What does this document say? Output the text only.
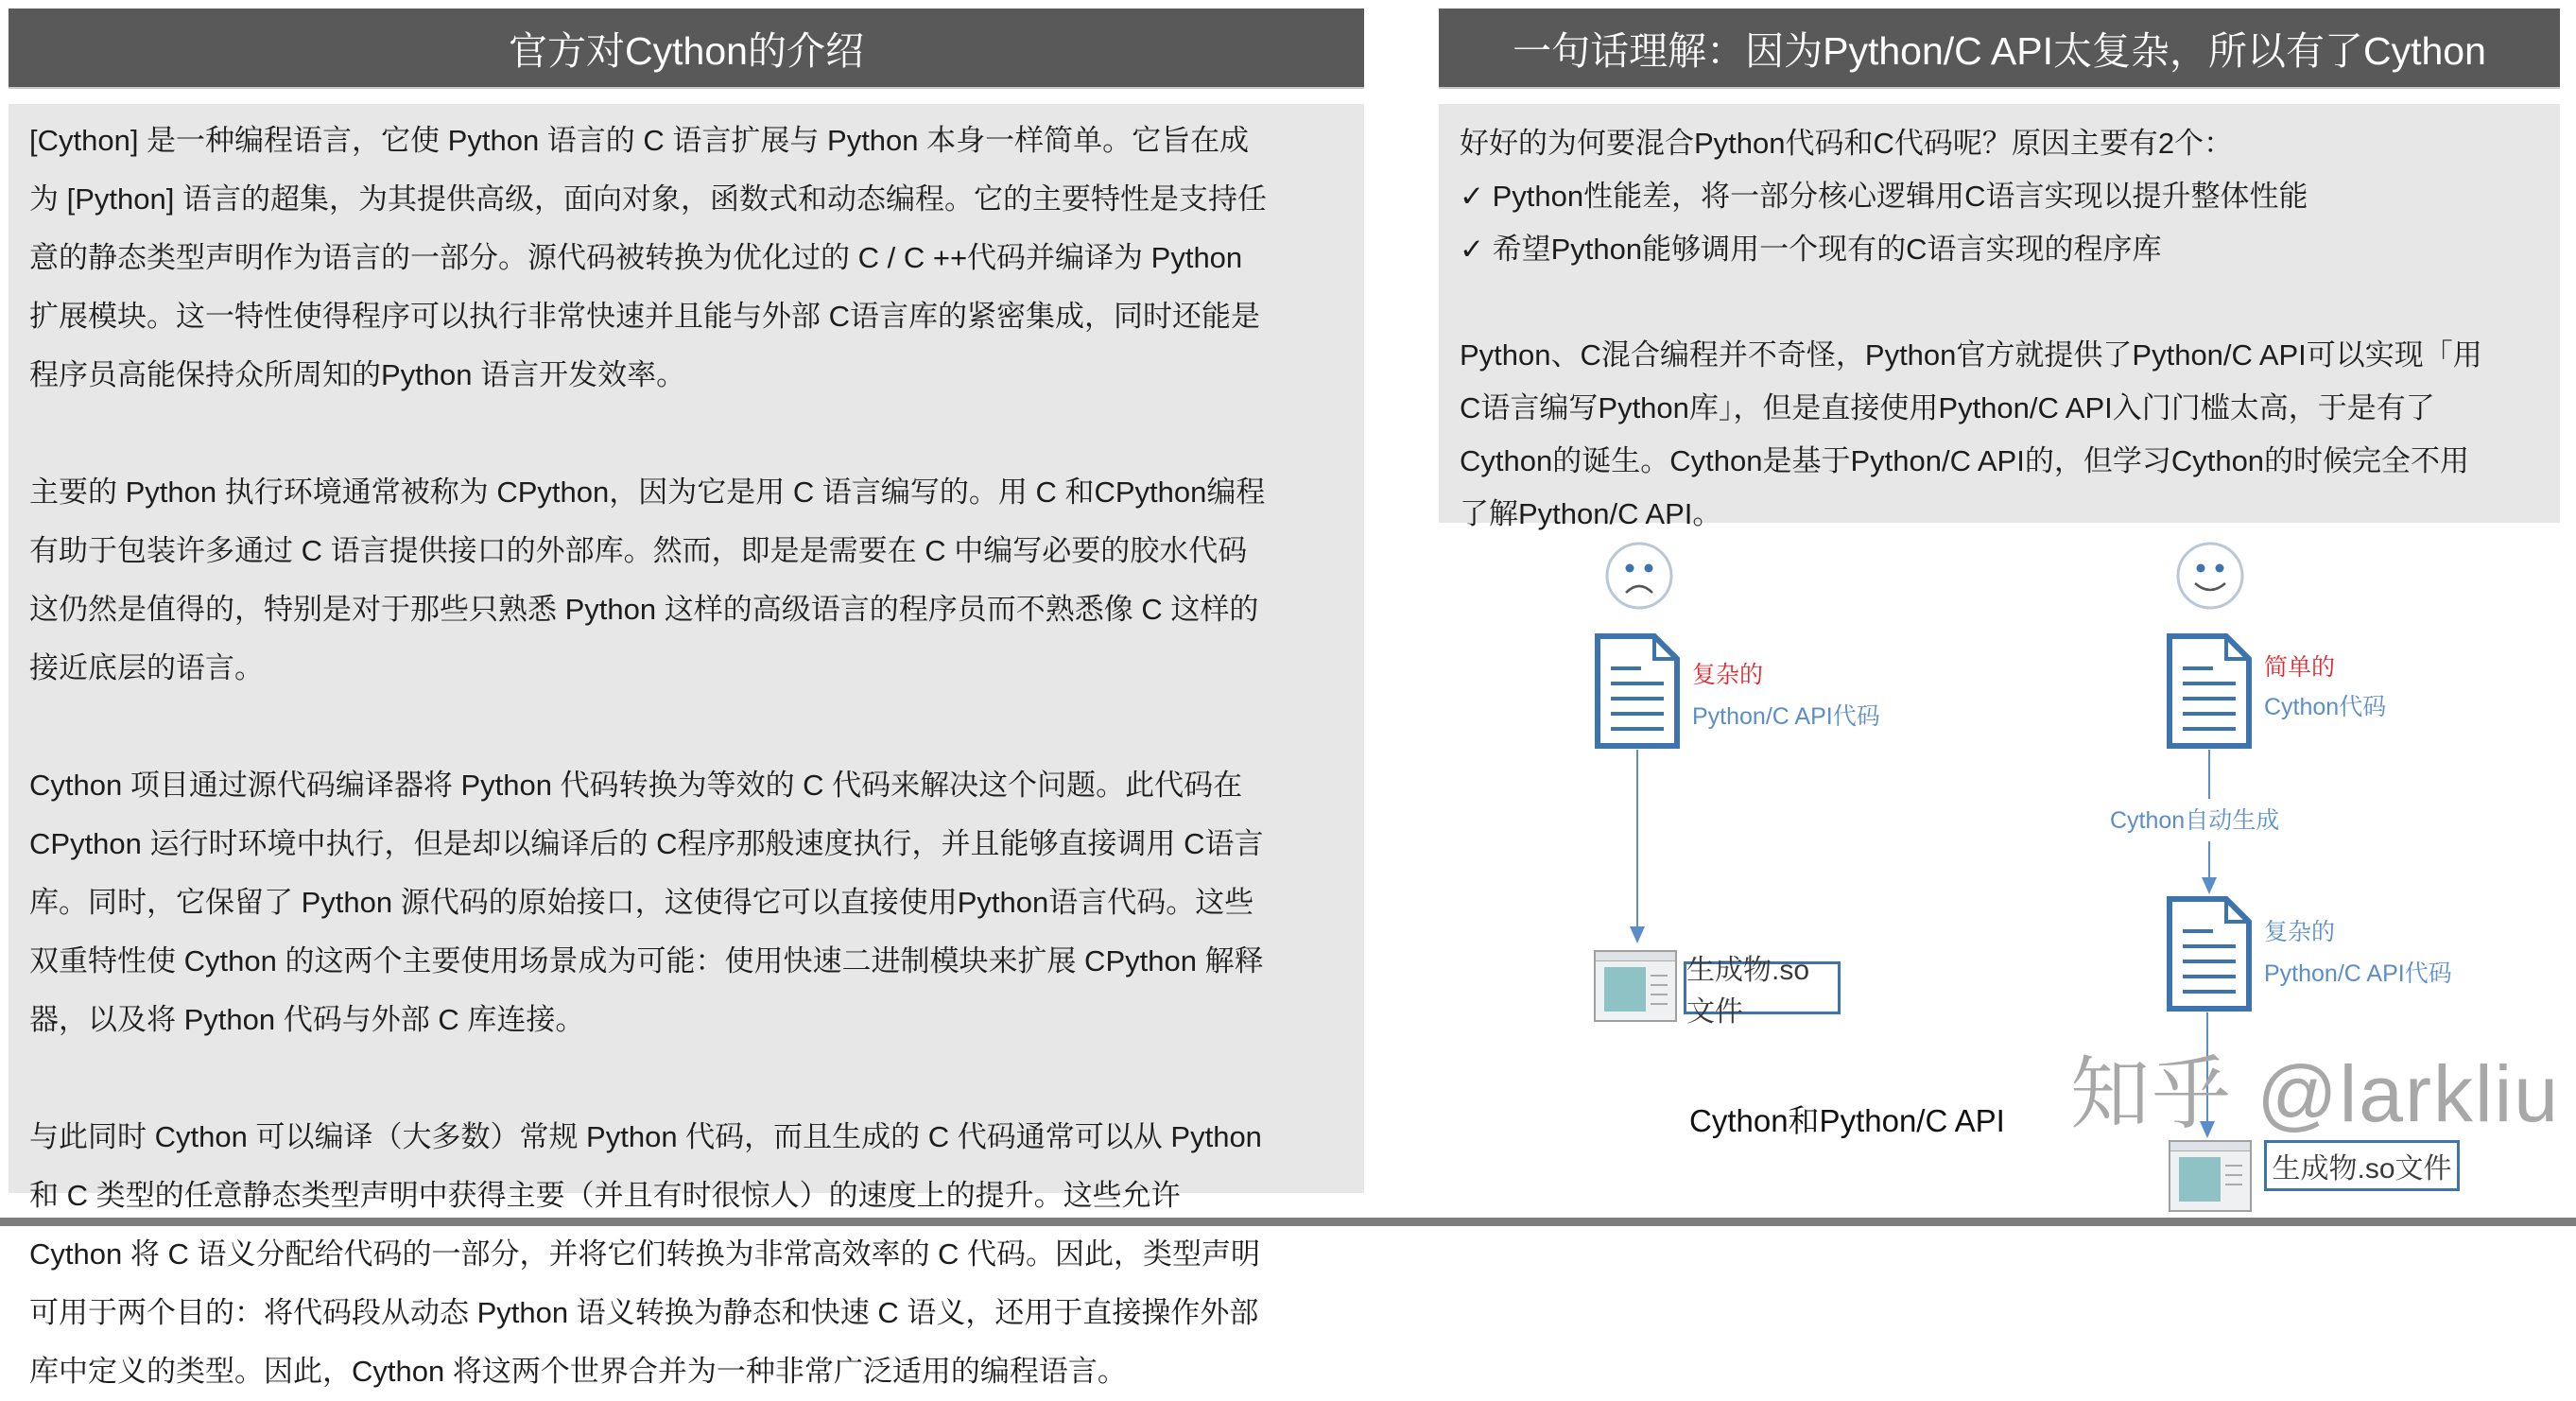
官方对Cython的介绍

[Cython] 是一种编程语言，它使 Python 语言的 C 语言扩展与 Python 本身一样简单。它旨在成
为 [Python] 语言的超集，为其提供高级，面向对象，函数式和动态编程。它的主要特性是支持任
意的静态类型声明作为语言的一部分。源代码被转换为优化过的 C / C ++代码并编译为 Python
扩展模块。这一特性使得程序可以执行非常快速并且能与外部 C语言库的紧密集成，同时还能是
程序员高能保持众所周知的Python 语言开发效率。

主要的 Python 执行环境通常被称为 CPython，因为它是用 C 语言编写的。用 C 和CPython编程
有助于包装许多通过 C 语言提供接口的外部库。然而，即是是需要在 C 中编写必要的胶水代码
这仍然是值得的，特别是对于那些只熟悉 Python 这样的高级语言的程序员而不熟悉像 C 这样的
接近底层的语言。

Cython 项目通过源代码编译器将 Python 代码转换为等效的 C 代码来解决这个问题。此代码在
CPython 运行时环境中执行，但是却以编译后的 C程序那般速度执行，并且能够直接调用 C语言
库。同时，它保留了 Python 源代码的原始接口，这使得它可以直接使用Python语言代码。这些
双重特性使 Cython 的这两个主要使用场景成为可能：使用快速二进制模块来扩展 CPython 解释
器，以及将 Python 代码与外部 C 库连接。

与此同时 Cython 可以编译（大多数）常规 Python 代码，而且生成的 C 代码通常可以从 Python
和 C 类型的任意静态类型声明中获得主要（并且有时很惊人）的速度上的提升。这些允许
Cython 将 C 语义分配给代码的一部分，并将它们转换为非常高效率的 C 代码。因此，类型声明
可用于两个目的：将代码段从动态 Python 语义转换为静态和快速 C 语义，还用于直接操作外部
库中定义的类型。因此，Cython 将这两个世界合并为一种非常广泛适用的编程语言。

一句话理解：因为Python/C API太复杂，所以有了Cython
好好的为何要混合Python代码和C代码呢？原因主要有2个：
✓ Python性能差，将一部分核心逻辑用C语言实现以提升整体性能
✓ 希望Python能够调用一个现有的C语言实现的程序库
Python、C混合编程并不奇怪，Python官方就提供了Python/C API可以实现「用
C语言编写Python库」，但是直接使用Python/C API入门门槛太高，于是有了
Cython的诞生。Cython是基于Python/C API的，但学习Cython的时候完全不用
了解Python/C API。
复杂的
Python/C API代码
生成物.so文件
简单的
Cython代码
Cython自动生成
复杂的
Python/C API代码
生成物.so文件
Cython和Python/C API 知乎 @larkliu
